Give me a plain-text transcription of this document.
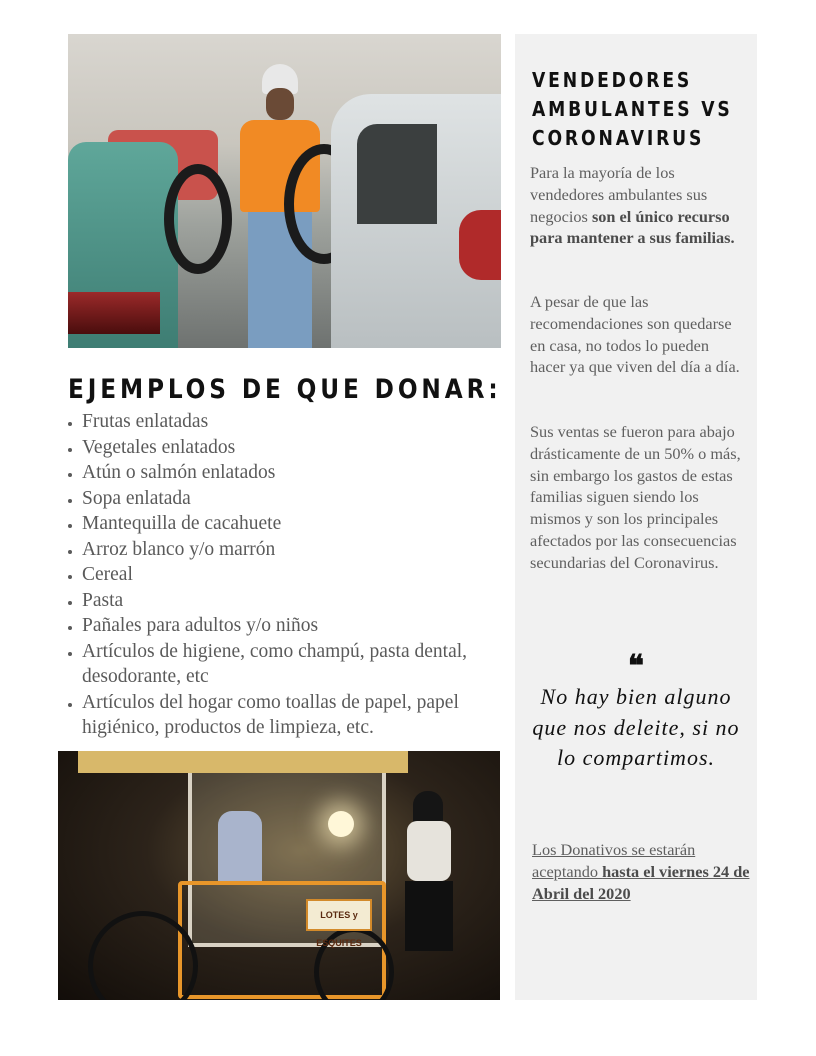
EJEMPLOS DE QUE DONAR:
• Frutas enlatadas
• Vegetales enlatados
• Atún o salmón enlatados
• Sopa enlatada
• Mantequilla de cacahuete
• Arroz blanco y/o marrón
• Cereal
• Pasta
• Pañales para adultos y/o niños
• Artículos de higiene, como champú, pasta dental, desodorante, etc
• Artículos del hogar como toallas de papel, papel higiénico, productos de limpieza, etc.
LOTES y ESQUITES
VENDEDORES
AMBULANTES VS
CORONAVIRUS

Para la mayoría de los vendedores ambulantes sus negocios son el único recurso para mantener a sus familias.

A pesar de que las recomendaciones son quedarse en casa, no todos lo pueden hacer ya que viven del día a día.

Sus ventas se fueron para abajo drásticamente de un 50% o más, sin embargo los gastos de estas familias siguen siendo los mismos y son los principales afectados por las consecuencias secundarias del Coronavirus.

❝

No hay bien alguno que nos deleite, si no lo compartimos.

Los Donativos se estarán aceptando hasta el viernes 24 de Abril del 2020
